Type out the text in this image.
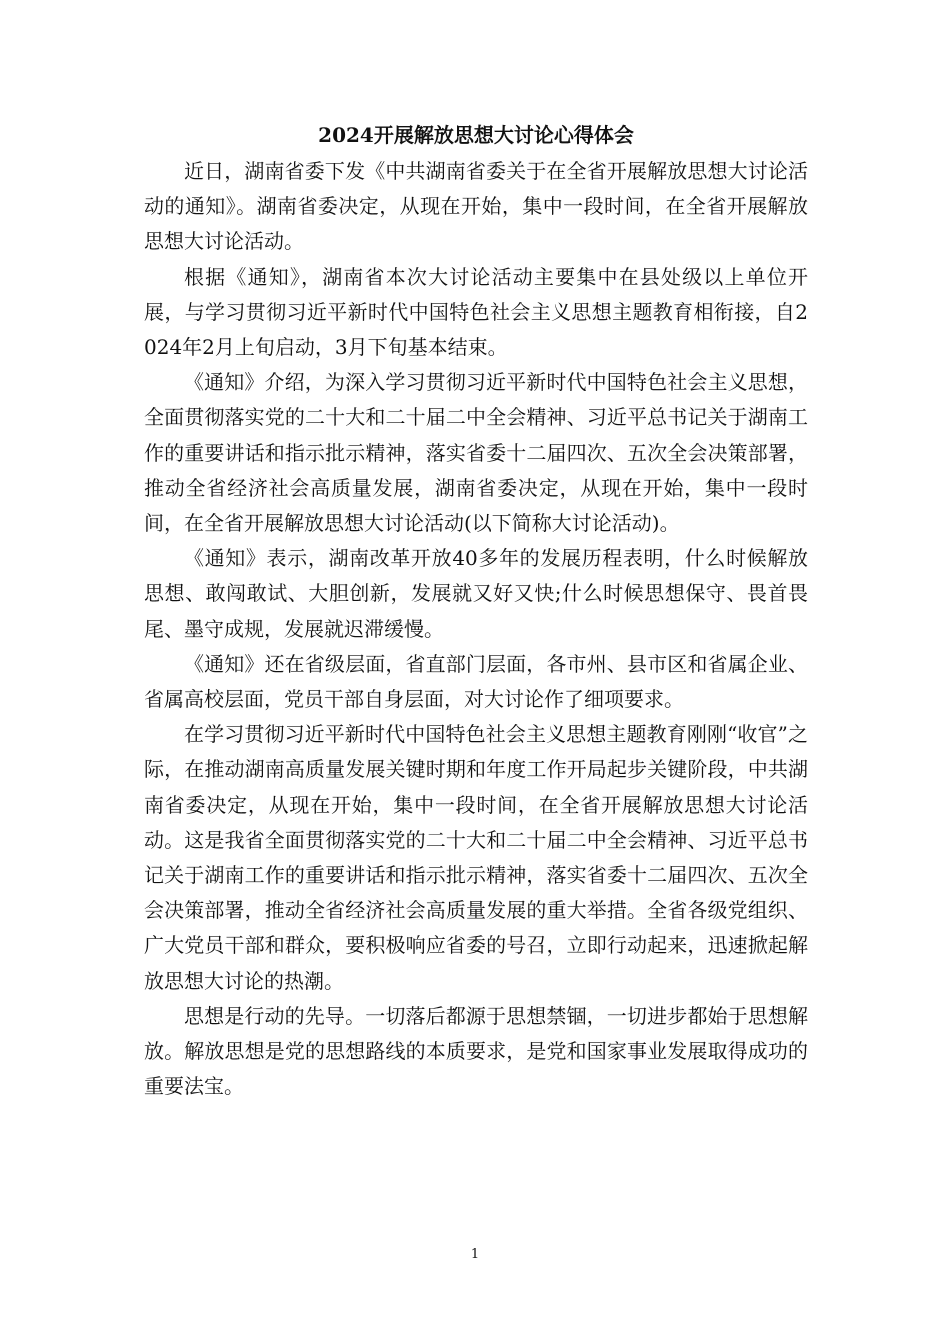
2024开展解放思想大讨论心得体会

近日，湖南省委下发《中共湖南省委关于在全省开展解放思想大讨论活动的通知》。湖南省委决定，从现在开始，集中一段时间，在全省开展解放思想大讨论活动。

根据《通知》，湖南省本次大讨论活动主要集中在县处级以上单位开展，与学习贯彻习近平新时代中国特色社会主义思想主题教育相衔接，自2024年2月上旬启动，3月下旬基本结束。

《通知》介绍，为深入学习贯彻习近平新时代中国特色社会主义思想，全面贯彻落实党的二十大和二十届二中全会精神、习近平总书记关于湖南工作的重要讲话和指示批示精神，落实省委十二届四次、五次全会决策部署，推动全省经济社会高质量发展，湖南省委决定，从现在开始，集中一段时间，在全省开展解放思想大讨论活动(以下简称大讨论活动)。

《通知》表示，湖南改革开放40多年的发展历程表明，什么时候解放思想、敢闯敢试、大胆创新，发展就又好又快;什么时候思想保守、畏首畏尾、墨守成规，发展就迟滞缓慢。

《通知》还在省级层面，省直部门层面，各市州、县市区和省属企业、省属高校层面，党员干部自身层面，对大讨论作了细项要求。

在学习贯彻习近平新时代中国特色社会主义思想主题教育刚刚“收官”之际，在推动湖南高质量发展关键时期和年度工作开局起步关键阶段，中共湖南省委决定，从现在开始，集中一段时间，在全省开展解放思想大讨论活动。这是我省全面贯彻落实党的二十大和二十届二中全会精神、习近平总书记关于湖南工作的重要讲话和指示批示精神，落实省委十二届四次、五次全会决策部署，推动全省经济社会高质量发展的重大举措。全省各级党组织、广大党员干部和群众，要积极响应省委的号召，立即行动起来，迅速掀起解放思想大讨论的热潮。

思想是行动的先导。一切落后都源于思想禁锢，一切进步都始于思想解放。解放思想是党的思想路线的本质要求，是党和国家事业发展取得成功的重要法宝。

1
